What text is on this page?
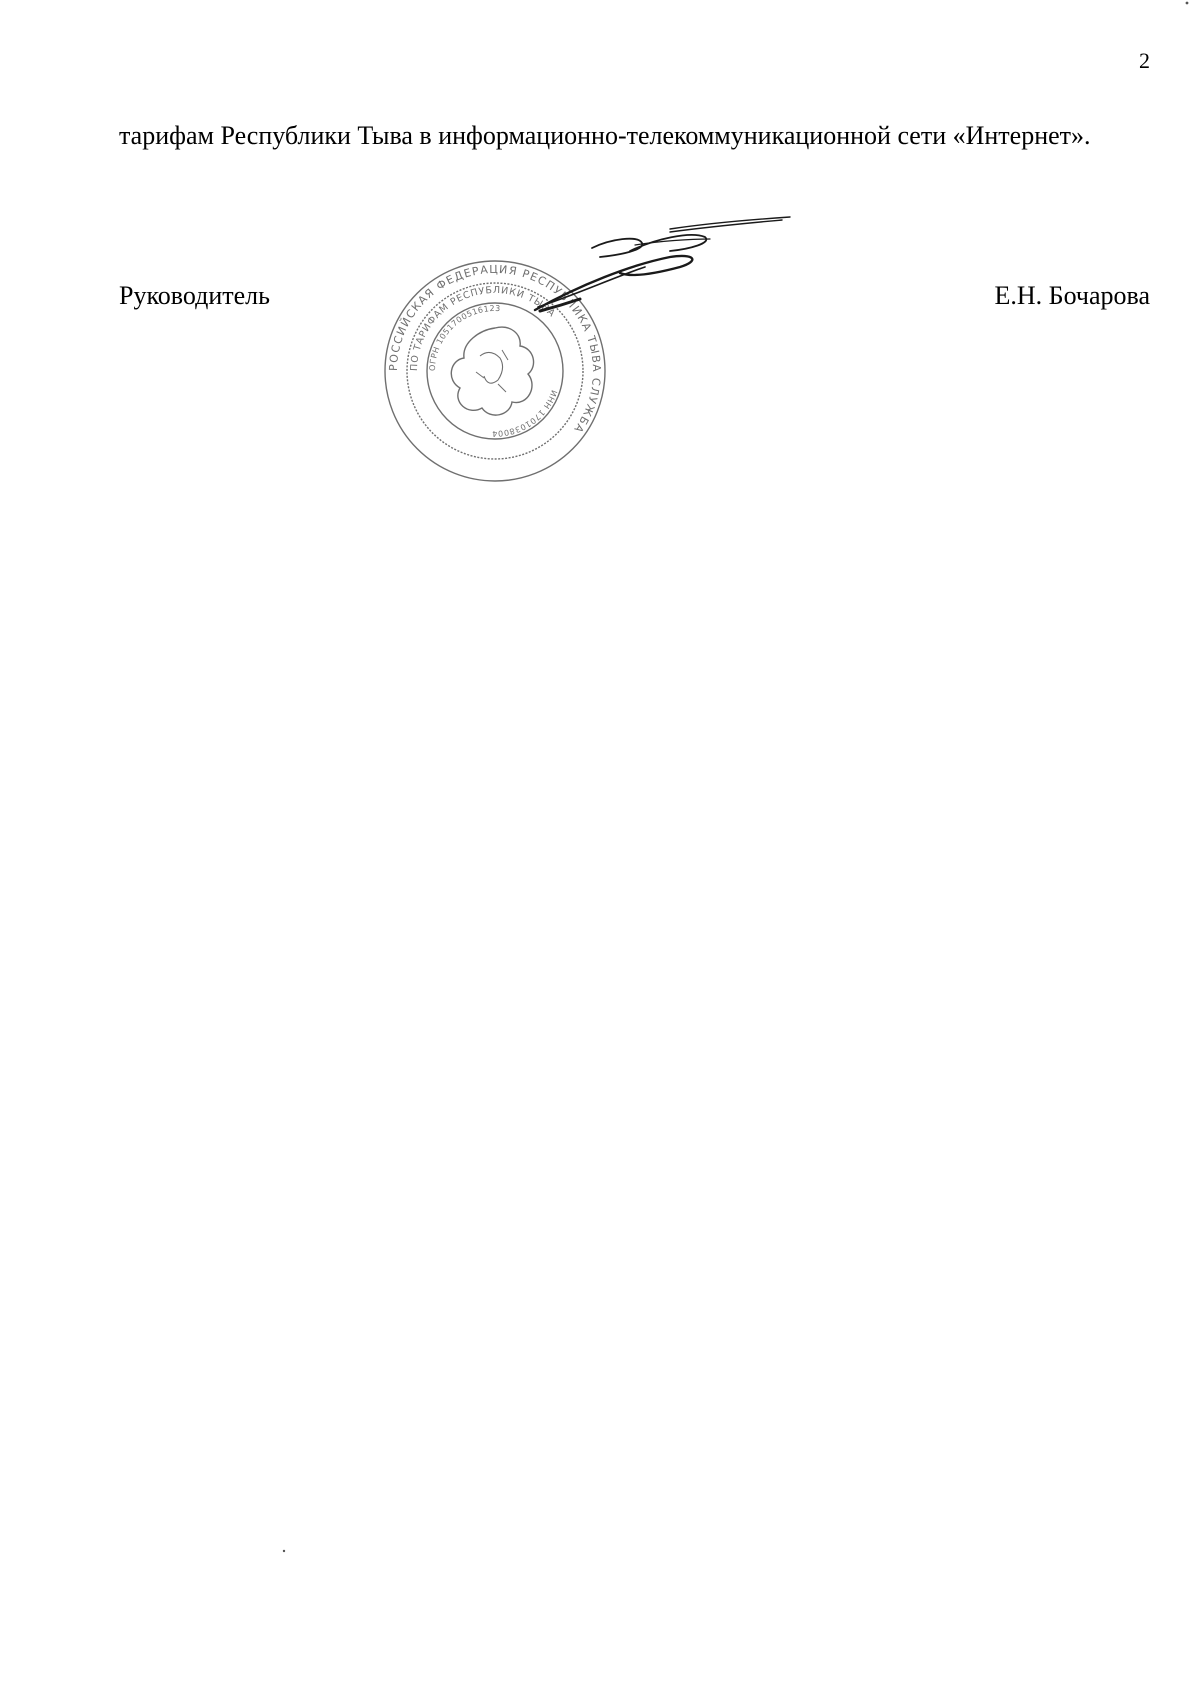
2

тарифам Республики Тыва в информационно-телекоммуникационной сети «Интернет».

Руководитель	Е.Н. Бочарова
РОССИЙСКАЯ ФЕДЕРАЦИЯ РЕСПУБЛИКА ТЫВА СЛУЖБА
ПО ТАРИФАМ РЕСПУБЛИКИ ТЫВА
ОГРН 1051700516123
ИНН 1701038004
